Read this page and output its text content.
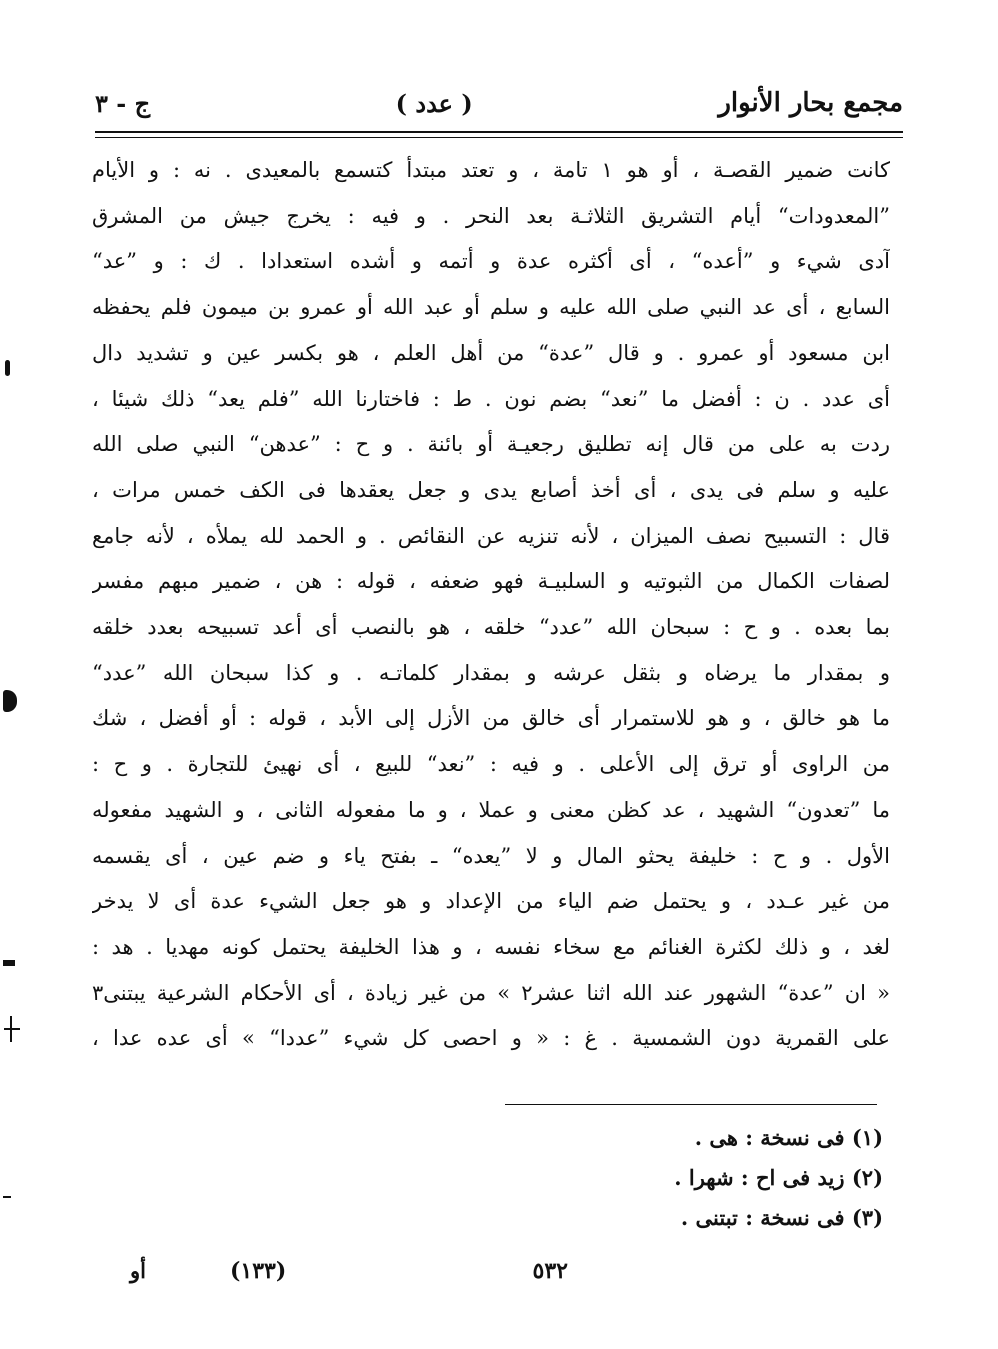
مجمع بحار الأنوار
( عدد )
ج - ٣
كانت ضمير القصـة ، أو هو ١ تامة ، و تعتد مبتدأ كتسمع بالمعيدى . نه : و الأيام
”المعدودات“ أيام التشريق الثلاثـة بعد النحر . و فيه : يخرج جيش من المشرق
آدى شيء و ”أعده“ ، أى أكثره عدة و أتمه و أشده استعدادا . ك : و ”عد“
السابع ، أى عد النبي صلى الله عليه و سلم أو عبد الله أو عمرو بن ميمون فلم يحفظه
ابن مسعود أو عمرو . و قال ”عدة“ من أهل العلم ، هو بكسر عين و تشديد دال
أى عدد . ن : أفضل ما ”نعد“ بضم نون . ط : فاختارنا الله ”فلم يعد“ ذلك شيئا ،
ردت به على من قال إنه تطليق رجعيـة أو بائنة . و ح : ”عدهن“ النبي صلى الله
عليه و سلم فى يدى ، أى أخذ أصابع يدى و جعل يعقدها فى الكف خمس مرات ،
قال : التسبيح نصف الميزان ، لأنه تنزيه عن النقائص . و الحمد لله يملأه ، لأنه جامع
لصفات الكمال من الثبوتيه و السلبيـة فهو ضعفه ، قوله : هن ، ضمير مبهم مفسر
بما بعده . و ح : سبحان الله ”عدد“ خلقه ، هو بالنصب أى أعد تسبيحه بعدد خلقه
و بمقدار ما يرضاه و بثقل عرشه و بمقدار كلماتـه . و كذا سبحان الله ”عدد“
ما هو خالق ، و هو للاستمرار أى خالق من الأزل إلى الأبد ، قوله : أو أفضل ، شك
من الراوى أو ترق إلى الأعلى . و فيه : ”نعد“ للبيع ، أى نهيئ للتجارة . و ح :
ما ”تعدون“ الشهيد ، عد كظن معنى و عملا ، و ما مفعوله الثانى ، و الشهيد مفعوله
الأول . و ح : خليفة يحثو المال و لا ”يعده“ ـ بفتح ياء و ضم عين ، أى يقسمه
من غير عـدد ، و يحتمل ضم الياء من الإعداد و هو جعل الشيء عدة أى لا يدخر
لغد ، و ذلك لكثرة الغنائم مع سخاء نفسه ، و هذا الخليفة يحتمل كونه مهديا . هد :
« ان ”عدة“ الشهور عند الله اثنا عشر٢ » من غير زيادة ، أى الأحكام الشرعية يبتنى٣
على القمرية دون الشمسية . غ : « و احصى كل شيء ”عددا“ » أى عده عدا ،
(١) فى نسخة : هى .
(٢) زيد فى اح : شهرا .
(٣) فى نسخة : تبتنى .
٥٣٢
(١٣٣)
أو
